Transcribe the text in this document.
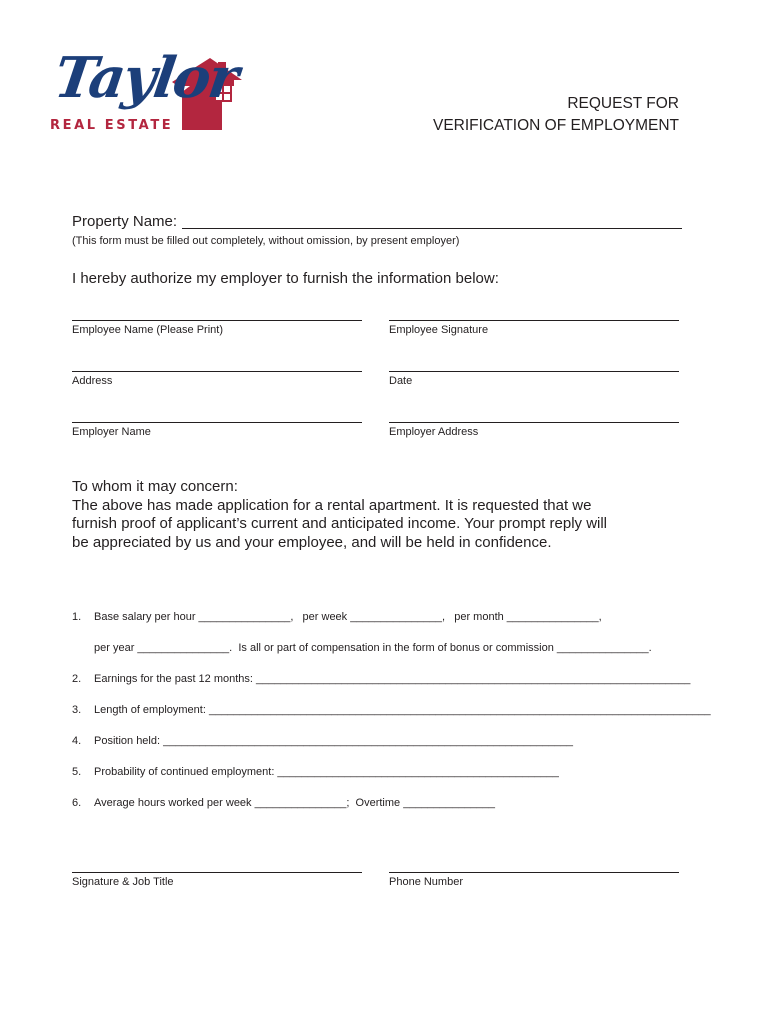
Taylor
REAL ESTATE
REQUEST FOR
VERIFICATION OF EMPLOYMENT
Property Name:
(This form must be filled out completely, without omission, by present employer)
I hereby authorize my employer to furnish the information below:
Employee Name (Please Print)	Employee Signature
Address	Date
Employer Name	Employer Address
To whom it may concern:
The above has made application for a rental apartment. It is requested that we
furnish proof of applicant’s current and anticipated income. Your prompt reply will
be appreciated by us and your employee, and will be held in confidence.
1. Base salary per hour _______________,   per week _______________,   per month _______________,
per year _______________.  Is all or part of compensation in the form of bonus or commission _______________.
2. Earnings for the past 12 months: _______________________________________________________________________
3. Length of employment: __________________________________________________________________________________
4. Position held: ___________________________________________________________________
5. Probability of continued employment: ______________________________________________
6. Average hours worked per week _______________;  Overtime _______________
Signature & Job Title	Phone Number
